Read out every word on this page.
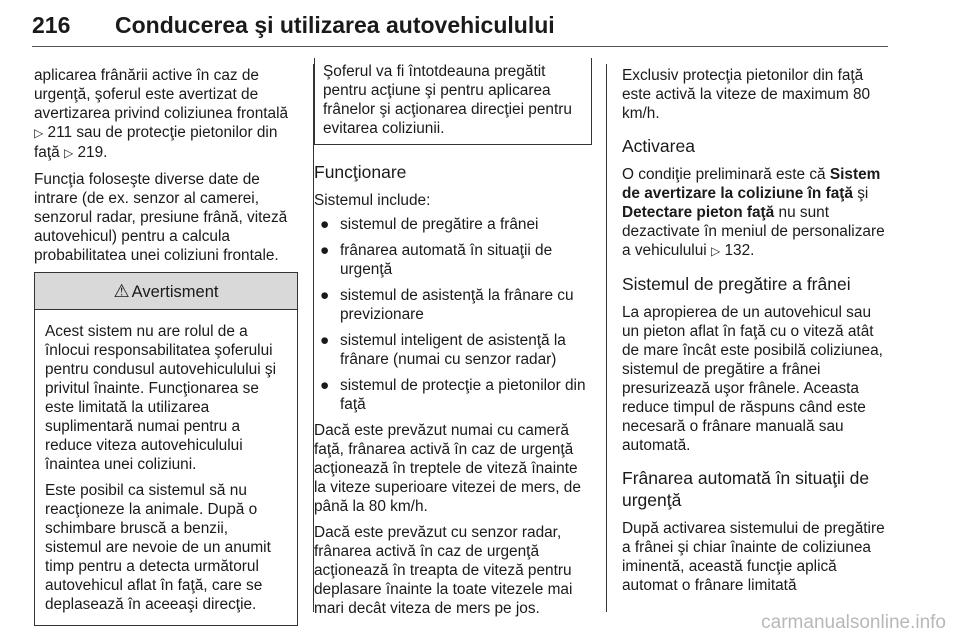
216 Conducerea şi utilizarea autovehiculului

aplicarea frânării active în caz de urgenţă, şoferul este avertizat de avertizarea privind coliziunea frontală ▷ 211 sau de protecţie pietonilor din faţă ▷ 219.

Funcţia foloseşte diverse date de intrare (de ex. senzor al camerei, senzorul radar, presiune frână, viteză autovehicul) pentru a calcula probabilitatea unei coliziuni frontale.

⚠ Avertisment

Acest sistem nu are rolul de a înlocui responsabilitatea şoferului pentru condusul autovehiculului şi privitul înainte. Funcţionarea se este limitată la utilizarea suplimentară numai pentru a reduce viteza autovehiculului înaintea unei coliziuni.

Este posibil ca sistemul să nu reacţioneze la animale. După o schimbare bruscă a benzii, sistemul are nevoie de un anumit timp pentru a detecta următorul autovehicul aflat în faţă, care se deplasează în aceeaşi direcţie.

Şoferul va fi întotdeauna pregătit pentru acţiune şi pentru aplicarea frânelor şi acţionarea direcţiei pentru evitarea coliziunii.
Funcţionare

Sistemul include:

● sistemul de pregătire a frânei
● frânarea automată în situaţii de urgenţă
● sistemul de asistenţă la frânare cu previzionare
● sistemul inteligent de asistenţă la frânare (numai cu senzor radar)
● sistemul de protecţie a pietonilor din faţă

Dacă este prevăzut numai cu cameră faţă, frânarea activă în caz de urgenţă acţionează în treptele de viteză înainte la viteze superioare vitezei de mers, de până la 80 km/h.

Dacă este prevăzut cu senzor radar, frânarea activă în caz de urgenţă acţionează în treapta de viteză pentru deplasare înainte la toate vitezele mai mari decât viteza de mers pe jos.

Exclusiv protecţia pietonilor din faţă este activă la viteze de maximum 80 km/h.

Activarea

O condiţie preliminară este că Sistem de avertizare la coliziune în faţă şi Detectare pieton faţă nu sunt dezactivate în meniul de personalizare a vehiculului ▷ 132.

Sistemul de pregătire a frânei

La apropierea de un autovehicul sau un pieton aflat în faţă cu o viteză atât de mare încât este posibilă coliziunea, sistemul de pregătire a frânei presurizează uşor frânele. Aceasta reduce timpul de răspuns când este necesară o frânare manuală sau automată.

Frânarea automată în situaţii de urgenţă

După activarea sistemului de pregătire a frânei şi chiar înainte de coliziunea iminentă, această funcţie aplică automat o frânare limitată

carmanualsonline.info
